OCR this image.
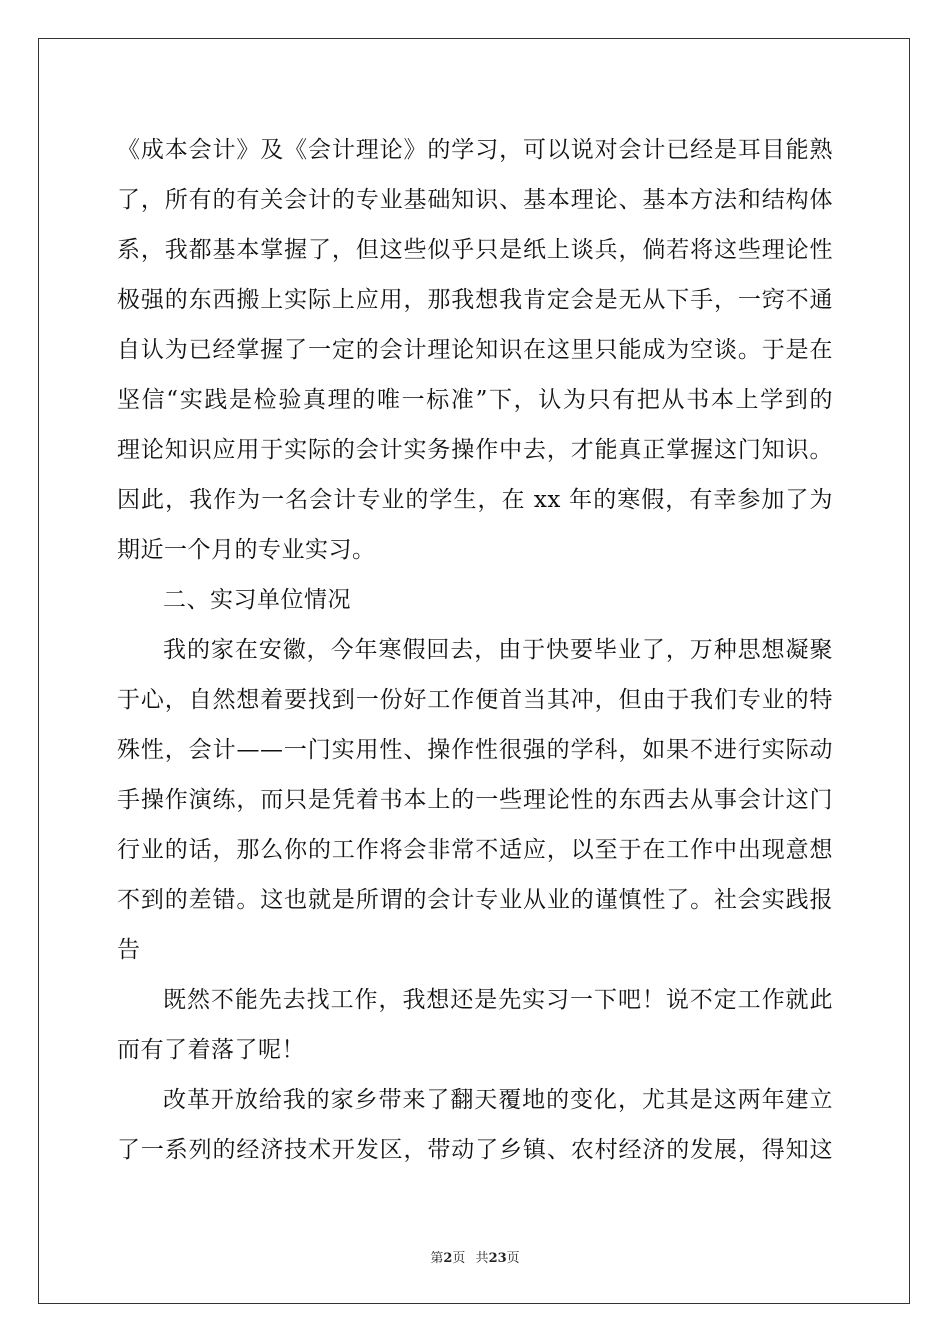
《成本会计》及《会计理论》的学习，可以说对会计已经是耳目能熟
了，所有的有关会计的专业基础知识、基本理论、基本方法和结构体
系，我都基本掌握了，但这些似乎只是纸上谈兵，倘若将这些理论性
极强的东西搬上实际上应用，那我想我肯定会是无从下手，一窍不通
自认为已经掌握了一定的会计理论知识在这里只能成为空谈。于是在
坚信“实践是检验真理的唯一标准”下，认为只有把从书本上学到的
理论知识应用于实际的会计实务操作中去，才能真正掌握这门知识。
因此，我作为一名会计专业的学生，在 xx 年的寒假，有幸参加了为
期近一个月的专业实习。
二、实习单位情况
我的家在安徽，今年寒假回去，由于快要毕业了，万种思想凝聚
于心，自然想着要找到一份好工作便首当其冲，但由于我们专业的特
殊性，会计——一门实用性、操作性很强的学科，如果不进行实际动
手操作演练，而只是凭着书本上的一些理论性的东西去从事会计这门
行业的话，那么你的工作将会非常不适应，以至于在工作中出现意想
不到的差错。这也就是所谓的会计专业从业的谨慎性了。社会实践报
告
既然不能先去找工作，我想还是先实习一下吧！说不定工作就此
而有了着落了呢！
改革开放给我的家乡带来了翻天覆地的变化，尤其是这两年建立
了一系列的经济技术开发区，带动了乡镇、农村经济的发展，得知这
第2页 共23页
